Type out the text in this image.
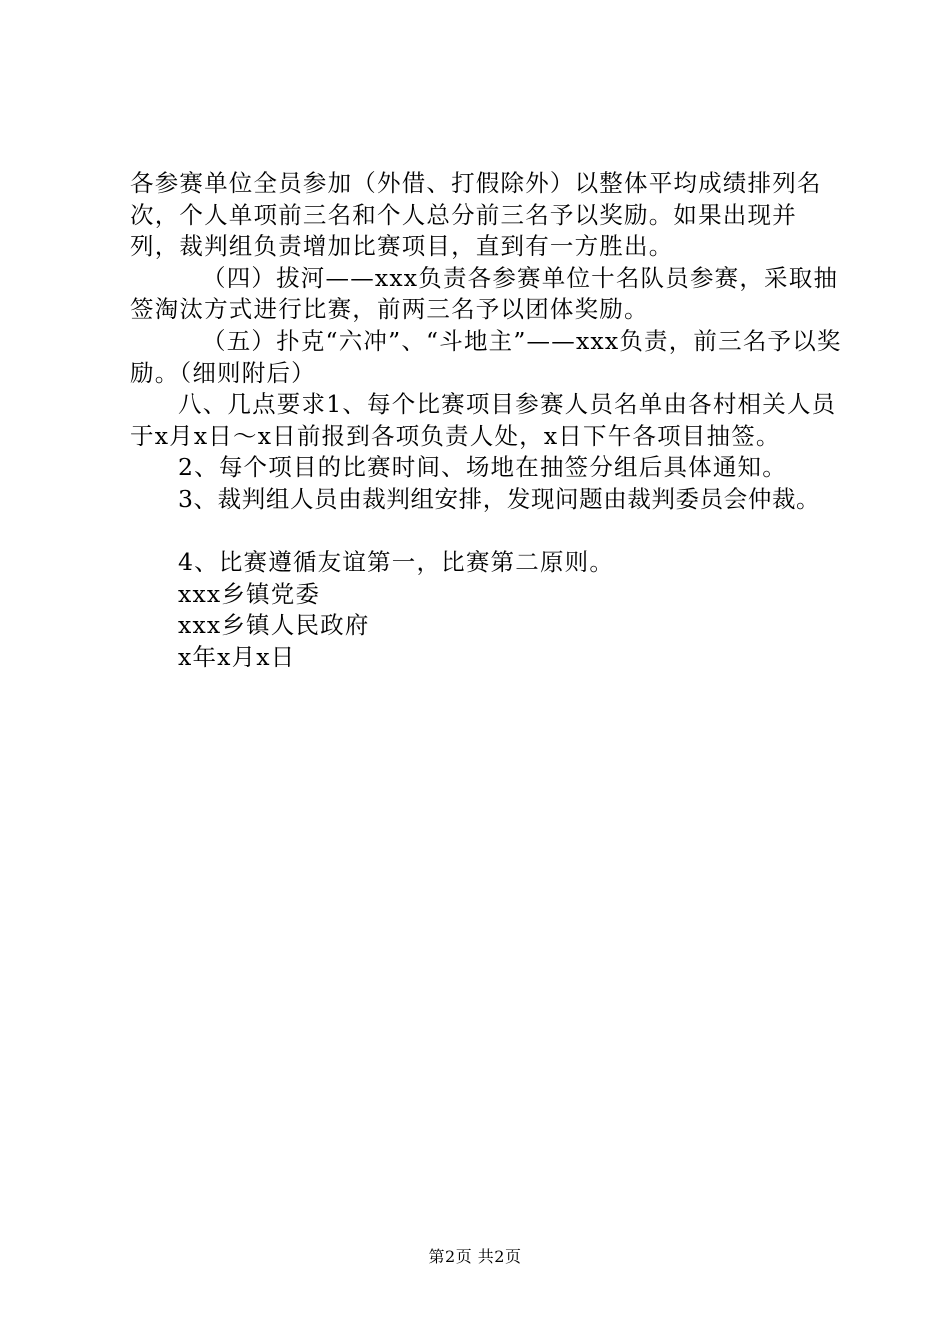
各参赛单位全员参加（外借、打假除外）以整体平均成绩排列名次，个人单项前三名和个人总分前三名予以奖励。如果出现并列，裁判组负责增加比赛项目，直到有一方胜出。

（四）拔河——xxx负责各参赛单位十名队员参赛，采取抽签淘汰方式进行比赛，前两三名予以团体奖励。

（五）扑克“六冲”、“斗地主”——xxx负责，前三名予以奖励。（细则附后）

八、几点要求1、每个比赛项目参赛人员名单由各村相关人员于x月x日～x日前报到各项负责人处，x日下午各项目抽签。

2、每个项目的比赛时间、场地在抽签分组后具体通知。

3、裁判组人员由裁判组安排，发现问题由裁判委员会仲裁。

4、比赛遵循友谊第一，比赛第二原则。

xxx乡镇党委

xxx乡镇人民政府

x年x月x日

第2页 共2页
